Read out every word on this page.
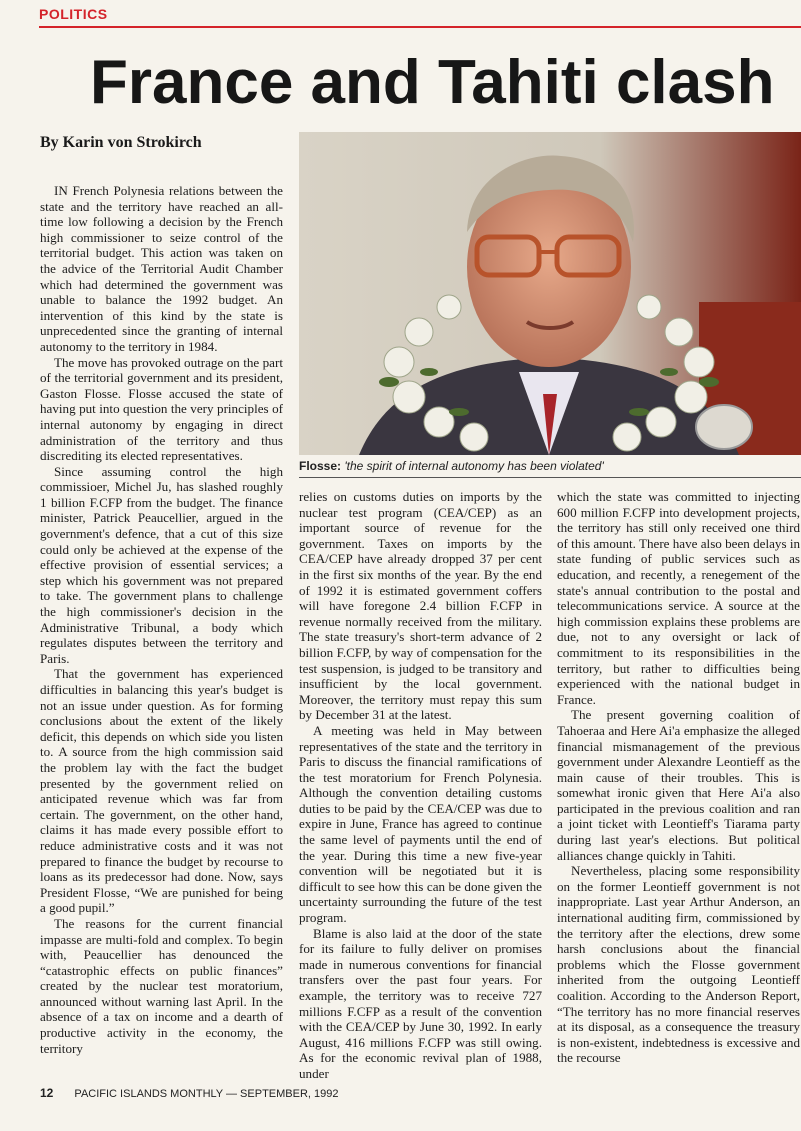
POLITICS
France and Tahiti clash
By Karin von Strokirch
Flosse: 'the spirit of internal autonomy has been violated'

IN French Polynesia relations between the state and the territory have reached an all-time low following a decision by the French high commissioner to seize control of the territorial budget. This action was taken on the advice of the Territorial Audit Chamber which had determined the government was unable to balance the 1992 budget. An intervention of this kind by the state is unprecedented since the granting of internal autonomy to the territory in 1984.

The move has provoked outrage on the part of the territorial government and its president, Gaston Flosse. Flosse accused the state of having put into question the very principles of internal autonomy by engaging in direct administration of the territory and thus discrediting its elected representatives.

Since assuming control the high commissioer, Michel Ju, has slashed roughly 1 billion F.CFP from the budget. The finance minister, Patrick Peaucellier, argued in the government's defence, that a cut of this size could only be achieved at the expense of the effective provision of essential services; a step which his government was not prepared to take. The government plans to challenge the high commissioner's decision in the Administrative Tribunal, a body which regulates disputes between the territory and Paris.

That the government has experienced difficulties in balancing this year's budget is not an issue under question. As for forming conclusions about the extent of the likely deficit, this depends on which side you listen to. A source from the high commission said the problem lay with the fact the budget presented by the government relied on anticipated revenue which was far from certain. The government, on the other hand, claims it has made every possible effort to reduce administrative costs and it was not prepared to finance the budget by recourse to loans as its predecessor had done. Now, says President Flosse, “We are punished for being a good pupil.”

The reasons for the current financial impasse are multi-fold and complex. To begin with, Peaucellier has denounced the “catastrophic effects on public finances” created by the nuclear test moratorium, announced without warning last April. In the absence of a tax on income and a dearth of productive activity in the economy, the territory

relies on customs duties on imports by the nuclear test program (CEA/CEP) as an important source of revenue for the government. Taxes on imports by the CEA/CEP have already dropped 37 per cent in the first six months of the year. By the end of 1992 it is estimated government coffers will have foregone 2.4 billion F.CFP in revenue normally received from the military. The state treasury's short-term advance of 2 billion F.CFP, by way of compensation for the test suspension, is judged to be transitory and insufficient by the local government. Moreover, the territory must repay this sum by December 31 at the latest.

A meeting was held in May between representatives of the state and the territory in Paris to discuss the financial ramifications of the test moratorium for French Polynesia. Although the convention detailing customs duties to be paid by the CEA/CEP was due to expire in June, France has agreed to continue the same level of payments until the end of the year. During this time a new five-year convention will be negotiated but it is difficult to see how this can be done given the uncertainty surrounding the future of the test program.

Blame is also laid at the door of the state for its failure to fully deliver on promises made in numerous conventions for financial transfers over the past four years. For example, the territory was to receive 727 millions F.CFP as a result of the convention with the CEA/CEP by June 30, 1992. In early August, 416 millions F.CFP was still owing. As for the economic revival plan of 1988, under

which the state was committed to injecting 600 million F.CFP into development projects, the territory has still only received one third of this amount. There have also been delays in state funding of public services such as education, and recently, a renegement of the state's annual contribution to the postal and telecommunications service. A source at the high commission explains these problems are due, not to any oversight or lack of commitment to its responsibilities in the territory, but rather to difficulties being experienced with the national budget in France.

The present governing coalition of Tahoeraa and Here Ai'a emphasize the alleged financial mismanagement of the previous government under Alexandre Leontieff as the main cause of their troubles. This is somewhat ironic given that Here Ai'a also participated in the previous coalition and ran a joint ticket with Leontieff's Tiarama party during last year's elections. But political alliances change quickly in Tahiti.

Nevertheless, placing some responsibility on the former Leontieff government is not inappropriate. Last year Arthur Anderson, an international auditing firm, commissioned by the territory after the elections, drew some harsh conclusions about the financial problems which the Flosse government inherited from the outgoing Leontieff coalition. According to the Anderson Report, “The territory has no more financial reserves at its disposal, as a consequence the treasury is non-existent, indebtedness is excessive and the recourse

12 PACIFIC ISLANDS MONTHLY — SEPTEMBER, 1992
